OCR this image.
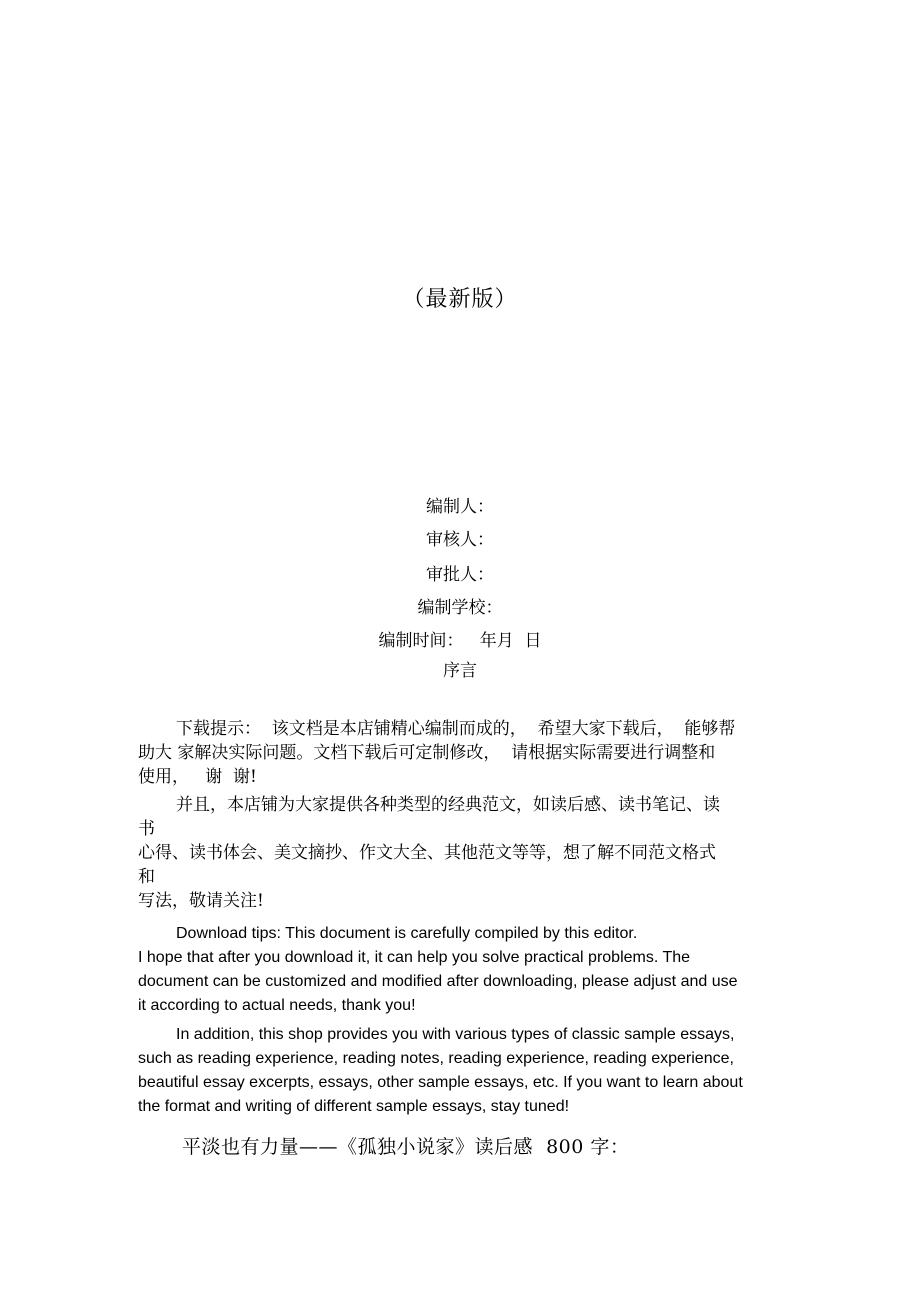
（最新版）
编制人：
审核人：
审批人：
编制学校：
编制时间：   年月  日
序言
下载提示：  该文档是本店铺精心编制而成的，  希望大家下载后，  能够帮
助大 家解决实际问题。文档下载后可定制修改，  请根据实际需要进行调整和
使用，   谢  谢!
并且，本店铺为大家提供各种类型的经典范文，如读后感、读书笔记、读
书
心得、读书体会、美文摘抄、作文大全、其他范文等等，想了解不同范文格式
和
写法，敬请关注!
Download tips: This document is carefully compiled by this editor.
I hope that after you download it, it can help you solve practical problems. The
document can be customized and modified after downloading, please adjust and use
it according to actual needs, thank you!
In addition, this shop provides you with various types of classic sample essays,
such as reading experience, reading notes, reading experience, reading experience,
beautiful essay excerpts, essays, other sample essays, etc. If you want to learn about
the format and writing of different sample essays, stay tuned!
平淡也有力量——《孤独小说家》读后感  800 字：
